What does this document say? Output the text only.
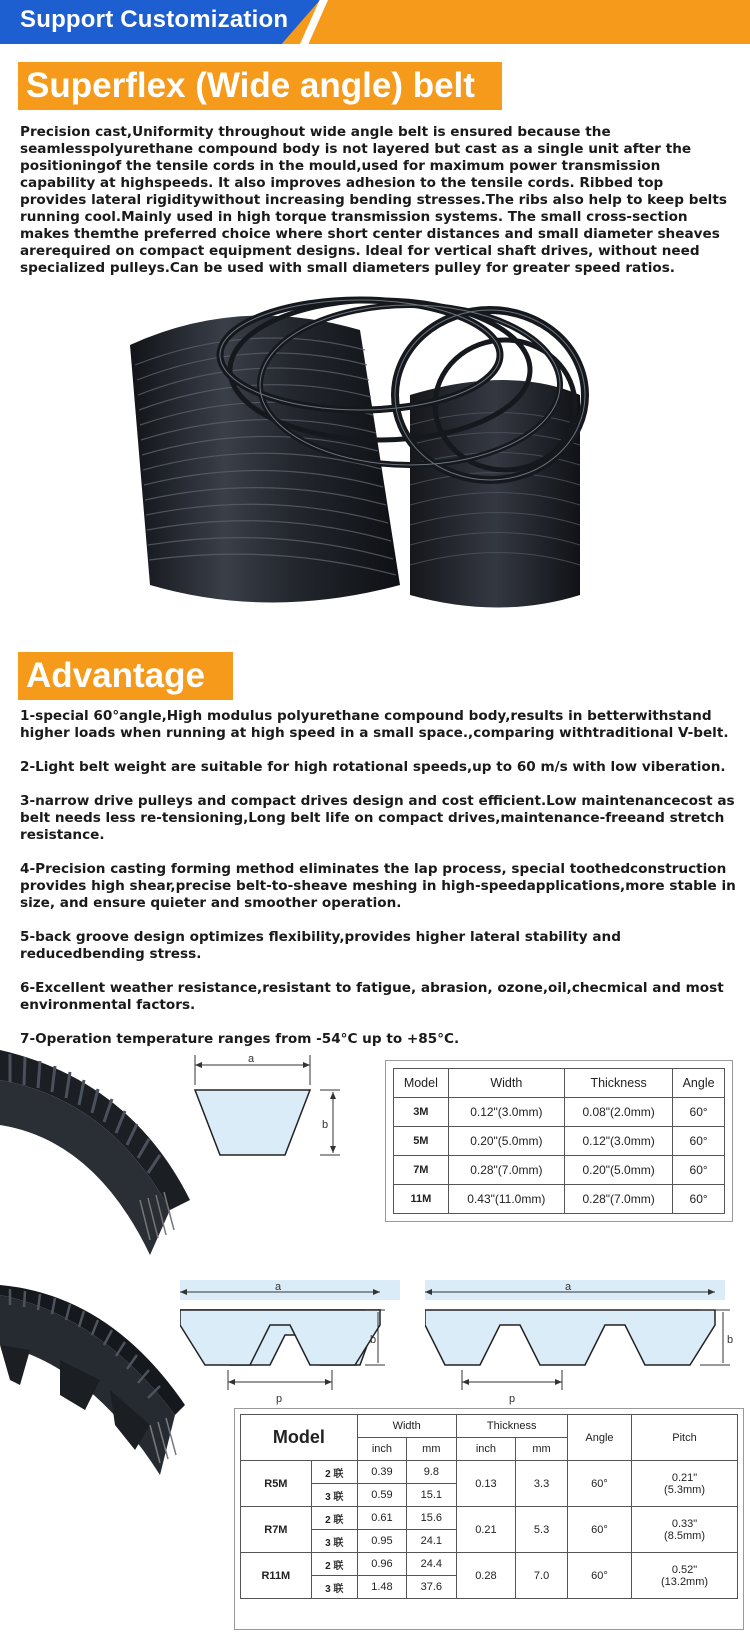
Support Customization
Superflex (Wide angle) belt

Precision cast,Uniformity throughout wide angle belt is ensured because the seamlesspolyurethane compound body is not layered but cast as a single unit after the positioningof the tensile cords in the mould,used for maximum power transmission capability at highspeeds. It also improves adhesion to the tensile cords. Ribbed top provides lateral rigiditywithout increasing bending stresses.The ribs also help to keep belts running cool.Mainly used in high torque transmission systems. The small cross-section makes themthe preferred choice where short center distances and small diameter sheaves arerequired on compact equipment designs. ldeal for vertical shaft drives, without need specialized pulleys.Can be used with small diameters pulley for greater speed ratios.

Advantage
1-special 60°angle,High modulus polyurethane compound body,results in betterwithstand higher loads when running at high speed in a small space.,comparing withtraditional V-belt.
2-Light belt weight are suitable for high rotational speeds,up to 60 m/s with low viberation.
3-narrow drive pulleys and compact drives design and cost efficient.Low maintenancecost as belt needs less re-tensioning,Long belt life on compact drives,maintenance-freeand stretch resistance.
4-Precision casting forming method eliminates the lap process, special toothedconstruction provides high shear,precise belt-to-sheave meshing in high-speedapplications,more stable in size, and ensure quieter and smoother operation.
5-back groove design optimizes flexibility,provides higher lateral stability and reducedbending stress.
6-Excellent weather resistance,resistant to fatigue, abrasion, ozone,oil,checmical and most environmental factors.
7-Operation temperature ranges from -54°C up to +85°C.
a
b
Model	Width	Thickness	Angle
3M	0.12"(3.0mm)	0.08"(2.0mm)	60°
5M	0.20"(5.0mm)	0.12"(3.0mm)	60°
7M	0.28"(7.0mm)	0.20"(5.0mm)	60°
11M	0.43"(11.0mm)	0.28"(7.0mm)	60°
a
b
p
a
b
p
Model		Width		Thickness		Angle	Pitch
		inch	mm	inch	mm		
R5M	2 联	0.39	9.8	0.13	3.3	60°	0.21"
(5.3mm)
	3 联	0.59	15.1				
R7M	2 联	0.61	15.6	0.21	5.3	60°	0.33"
(8.5mm)
	3 联	0.95	24.1				
R11M	2 联	0.96	24.4	0.28	7.0	60°	0.52"
(13.2mm)
	3 联	1.48	37.6				
